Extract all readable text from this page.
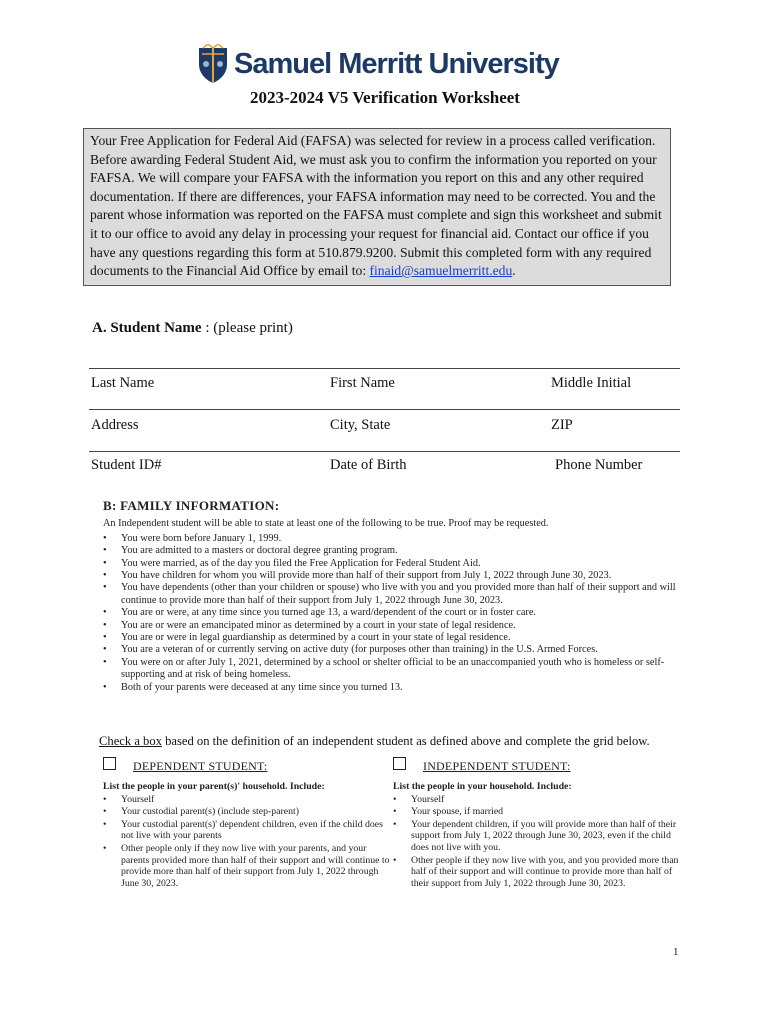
Samuel Merritt University
2023-2024 V5 Verification Worksheet
Your Free Application for Federal Aid (FAFSA) was selected for review in a process called verification. Before awarding Federal Student Aid, we must ask you to confirm the information you reported on your FAFSA. We will compare your FAFSA with the information you report on this and any other required documentation. If there are differences, your FAFSA information may need to be corrected. You and the parent whose information was reported on the FAFSA must complete and sign this worksheet and submit it to our office to avoid any delay in processing your request for financial aid. Contact our office if you have any questions regarding this form at 510.879.9200. Submit this completed form with any required documents to the Financial Aid Office by email to: finaid@samuelmerritt.edu.
A. Student Name : (please print)
Last Name	First Name	Middle Initial
Address	City, State	ZIP
Student ID#	Date of Birth	Phone Number
B: FAMILY INFORMATION:
An Independent student will be able to state at least one of the following to be true. Proof may be requested.
• You were born before January 1, 1999.
• You are admitted to a masters or doctoral degree granting program.
• You were married, as of the day you filed the Free Application for Federal Student Aid.
• You have children for whom you will provide more than half of their support from July 1, 2022 through June 30, 2023.
• You have dependents (other than your children or spouse) who live with you and you provided more than half of their support and will continue to provide more than half of their support from July 1, 2022 through June 30, 2023.
• You are or were, at any time since you turned age 13, a ward/dependent of the court or in foster care.
• You are or were an emancipated minor as determined by a court in your state of legal residence.
• You are or were in legal guardianship as determined by a court in your state of legal residence.
• You are a veteran of or currently serving on active duty (for purposes other than training) in the U.S. Armed Forces.
• You were on or after July 1, 2021, determined by a school or shelter official to be an unaccompanied youth who is homeless or self-supporting and at risk of being homeless.
• Both of your parents were deceased at any time since you turned 13.
Check a box based on the definition of an independent student as defined above and complete the grid below.
DEPENDENT STUDENT:
List the people in your parent(s)' household. Include:
• Yourself
• Your custodial parent(s) (include step-parent)
• Your custodial parent(s)' dependent children, even if the child does not live with your parents
• Other people only if they now live with your parents, and your parents provided more than half of their support and will continue to provide more than half of their support from July 1, 2022 through June 30, 2023.
INDEPENDENT STUDENT:
List the people in your household. Include:
• Yourself
• Your spouse, if married
• Your dependent children, if you will provide more than half of their support from July 1, 2022 through June 30, 2023, even if the child does not live with you.
• Other people if they now live with you, and you provided more than half of their support and will continue to provide more than half of their support from July 1, 2022 through June 30, 2023.
1
